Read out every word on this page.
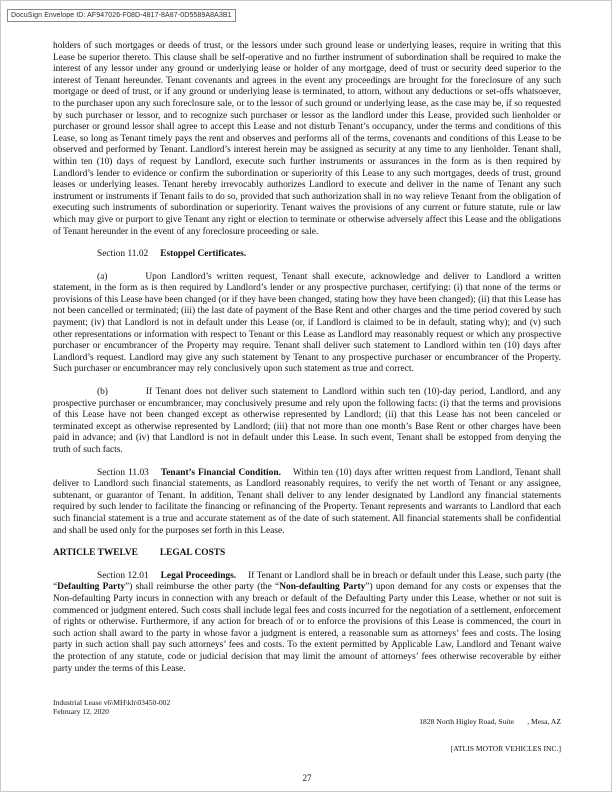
DocuSign Envelope ID: AF947026-F08D-4817-8A87-0D5589A8A3B1

holders of such mortgages or deeds of trust, or the lessors under such ground lease or underlying leases, require in writing that this Lease be superior thereto. This clause shall be self-operative and no further instrument of subordination shall be required to make the interest of any lessor under any ground or underlying lease or holder of any mortgage, deed of trust or security deed superior to the interest of Tenant hereunder. Tenant covenants and agrees in the event any proceedings are brought for the foreclosure of any such mortgage or deed of trust, or if any ground or underlying lease is terminated, to attorn, without any deductions or set-offs whatsoever, to the purchaser upon any such foreclosure sale, or to the lessor of such ground or underlying lease, as the case may be, if so requested by such purchaser or lessor, and to recognize such purchaser or lessor as the landlord under this Lease, provided such lienholder or purchaser or ground lessor shall agree to accept this Lease and not disturb Tenant’s occupancy, under the terms and conditions of this Lease, so long as Tenant timely pays the rent and observes and performs all of the terms, covenants and conditions of this Lease to be observed and performed by Tenant. Landlord’s interest herein may be assigned as security at any time to any lienholder. Tenant shall, within ten (10) days of request by Landlord, execute such further instruments or assurances in the form as is then required by Landlord’s lender to evidence or confirm the subordination or superiority of this Lease to any such mortgages, deeds of trust, ground leases or underlying leases. Tenant hereby irrevocably authorizes Landlord to execute and deliver in the name of Tenant any such instrument or instruments if Tenant fails to do so, provided that such authorization shall in no way relieve Tenant from the obligation of executing such instruments of subordination or superiority. Tenant waives the provisions of any current or future statute, rule or law which may give or purport to give Tenant any right or election to terminate or otherwise adversely affect this Lease and the obligations of Tenant hereunder in the event of any foreclosure proceeding or sale.

Section 11.02 Estoppel Certificates.

(a)	Upon Landlord’s written request, Tenant shall execute, acknowledge and deliver to Landlord a written statement, in the form as is then required by Landlord’s lender or any prospective purchaser, certifying: (i) that none of the terms or provisions of this Lease have been changed (or if they have been changed, stating how they have been changed); (ii) that this Lease has not been cancelled or terminated; (iii) the last date of payment of the Base Rent and other charges and the time period covered by such payment; (iv) that Landlord is not in default under this Lease (or, if Landlord is claimed to be in default, stating why); and (v) such other representations or information with respect to Tenant or this Lease as Landlord may reasonably request or which any prospective purchaser or encumbrancer of the Property may require. Tenant shall deliver such statement to Landlord within ten (10) days after Landlord’s request. Landlord may give any such statement by Tenant to any prospective purchaser or encumbrancer of the Property. Such purchaser or encumbrancer may rely conclusively upon such statement as true and correct.

(b)	If Tenant does not deliver such statement to Landlord within such ten (10)-day period, Landlord, and any prospective purchaser or encumbrancer, may conclusively presume and rely upon the following facts: (i) that the terms and provisions of this Lease have not been changed except as otherwise represented by Landlord; (ii) that this Lease has not been canceled or terminated except as otherwise represented by Landlord; (iii) that not more than one month’s Base Rent or other charges have been paid in advance; and (iv) that Landlord is not in default under this Lease. In such event, Tenant shall be estopped from denying the truth of such facts.

Section 11.03 Tenant’s Financial Condition. Within ten (10) days after written request from Landlord, Tenant shall deliver to Landlord such financial statements, as Landlord reasonably requires, to verify the net worth of Tenant or any assignee, subtenant, or guarantor of Tenant. In addition, Tenant shall deliver to any lender designated by Landlord any financial statements required by such lender to facilitate the financing or refinancing of the Property. Tenant represents and warrants to Landlord that each such financial statement is a true and accurate statement as of the date of such statement. All financial statements shall be confidential and shall be used only for the purposes set forth in this Lease.

ARTICLE TWELVE LEGAL COSTS

Section 12.01 Legal Proceedings. If Tenant or Landlord shall be in breach or default under this Lease, such party (the “Defaulting Party”) shall reimburse the other party (the “Non-defaulting Party”) upon demand for any costs or expenses that the Non-defaulting Party incurs in connection with any breach or default of the Defaulting Party under this Lease, whether or not suit is commenced or judgment entered. Such costs shall include legal fees and costs incurred for the negotiation of a settlement, enforcement of rights or otherwise. Furthermore, if any action for breach of or to enforce the provisions of this Lease is commenced, the court in such action shall award to the party in whose favor a judgment is entered, a reasonable sum as attorneys’ fees and costs. The losing party in such action shall pay such attorneys’ fees and costs. To the extent permitted by Applicable Law, Landlord and Tenant waive the protection of any statute, code or judicial decision that may limit the amount of attorneys’ fees otherwise recoverable by either party under the terms of this Lease.

Industrial Lease v6\MH\kh\03450-002
February 12, 2020

1828 North Higley Road, Suite       , Mesa, AZ

[ATLIS MOTOR VEHICLES INC.]

27
